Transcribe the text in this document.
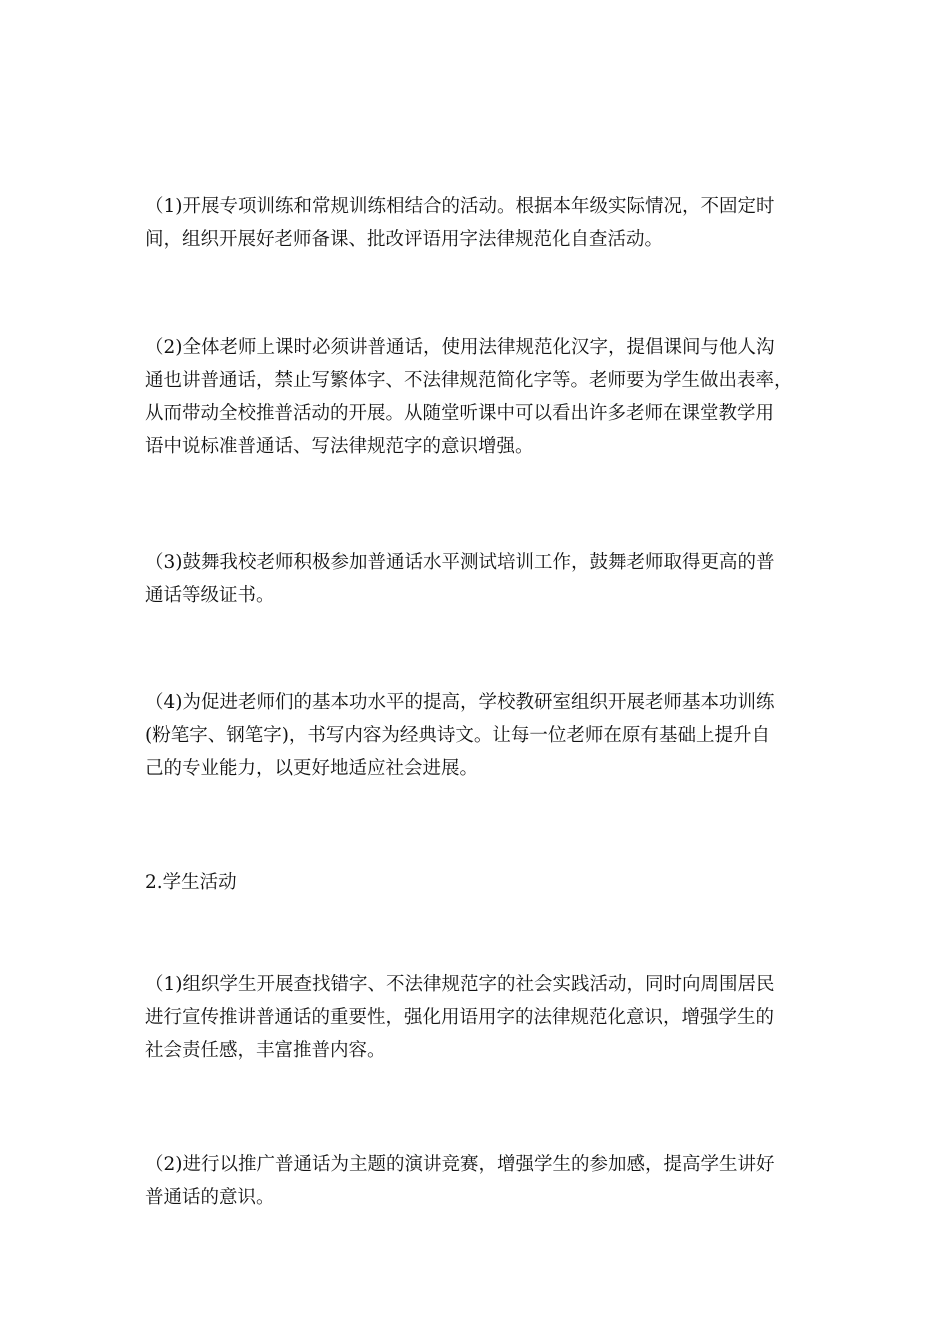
（1)开展专项训练和常规训练相结合的活动。根据本年级实际情况，不固定时
间，组织开展好老师备课、批改评语用字法律规范化自查活动。
（2)全体老师上课时必须讲普通话，使用法律规范化汉字，提倡课间与他人沟
通也讲普通话，禁止写繁体字、不法律规范简化字等。老师要为学生做出表率，
从而带动全校推普活动的开展。从随堂听课中可以看出许多老师在课堂教学用
语中说标准普通话、写法律规范字的意识增强。
（3)鼓舞我校老师积极参加普通话水平测试培训工作，鼓舞老师取得更高的普
通话等级证书。
（4)为促进老师们的基本功水平的提高，学校教研室组织开展老师基本功训练
(粉笔字、钢笔字)，书写内容为经典诗文。让每一位老师在原有基础上提升自
己的专业能力，以更好地适应社会进展。
2.学生活动
（1)组织学生开展查找错字、不法律规范字的社会实践活动，同时向周围居民
进行宣传推讲普通话的重要性，强化用语用字的法律规范化意识，增强学生的
社会责任感，丰富推普内容。
（2)进行以推广普通话为主题的演讲竞赛，增强学生的参加感，提高学生讲好
普通话的意识。
